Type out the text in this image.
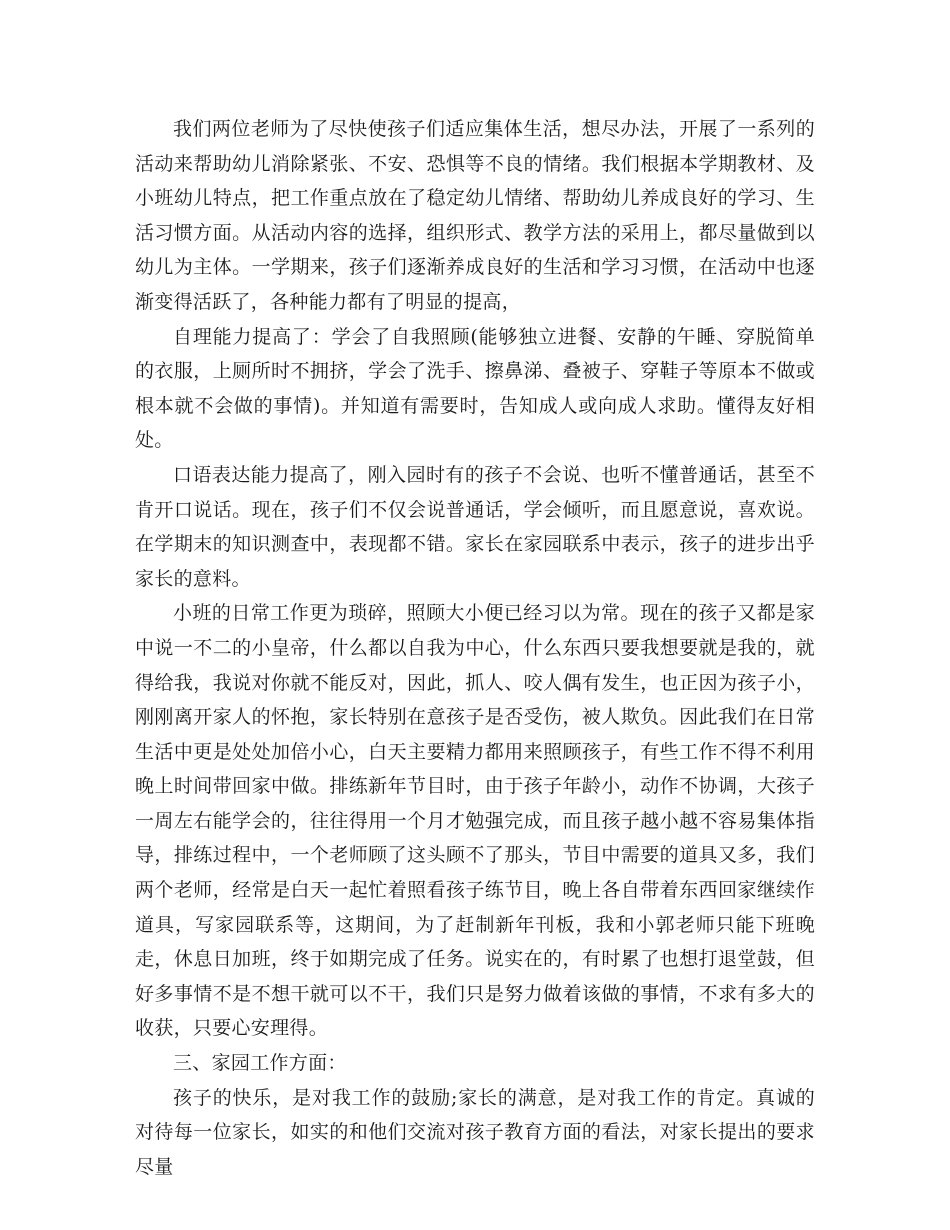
我们两位老师为了尽快使孩子们适应集体生活，想尽办法，开展了一系列的活动来帮助幼儿消除紧张、不安、恐惧等不良的情绪。我们根据本学期教材、及小班幼儿特点，把工作重点放在了稳定幼儿情绪、帮助幼儿养成良好的学习、生活习惯方面。从活动内容的选择，组织形式、教学方法的采用上，都尽量做到以幼儿为主体。一学期来，孩子们逐渐养成良好的生活和学习习惯，在活动中也逐渐变得活跃了，各种能力都有了明显的提高，

自理能力提高了：学会了自我照顾(能够独立进餐、安静的午睡、穿脱简单的衣服，上厕所时不拥挤，学会了洗手、擦鼻涕、叠被子、穿鞋子等原本不做或根本就不会做的事情)。并知道有需要时，告知成人或向成人求助。懂得友好相处。

口语表达能力提高了，刚入园时有的孩子不会说、也听不懂普通话，甚至不肯开口说话。现在，孩子们不仅会说普通话，学会倾听，而且愿意说，喜欢说。在学期末的知识测查中，表现都不错。家长在家园联系中表示，孩子的进步出乎家长的意料。

小班的日常工作更为琐碎，照顾大小便已经习以为常。现在的孩子又都是家中说一不二的小皇帝，什么都以自我为中心，什么东西只要我想要就是我的，就得给我，我说对你就不能反对，因此，抓人、咬人偶有发生，也正因为孩子小，刚刚离开家人的怀抱，家长特别在意孩子是否受伤，被人欺负。因此我们在日常生活中更是处处加倍小心，白天主要精力都用来照顾孩子，有些工作不得不利用晚上时间带回家中做。排练新年节目时，由于孩子年龄小，动作不协调，大孩子一周左右能学会的，往往得用一个月才勉强完成，而且孩子越小越不容易集体指导，排练过程中，一个老师顾了这头顾不了那头，节目中需要的道具又多，我们两个老师，经常是白天一起忙着照看孩子练节目，晚上各自带着东西回家继续作道具，写家园联系等，这期间，为了赶制新年刊板，我和小郭老师只能下班晚走，休息日加班，终于如期完成了任务。说实在的，有时累了也想打退堂鼓，但好多事情不是不想干就可以不干，我们只是努力做着该做的事情，不求有多大的收获，只要心安理得。

三、家园工作方面：

孩子的快乐，是对我工作的鼓励;家长的满意，是对我工作的肯定。真诚的对待每一位家长，如实的和他们交流对孩子教育方面的看法，对家长提出的要求尽量
